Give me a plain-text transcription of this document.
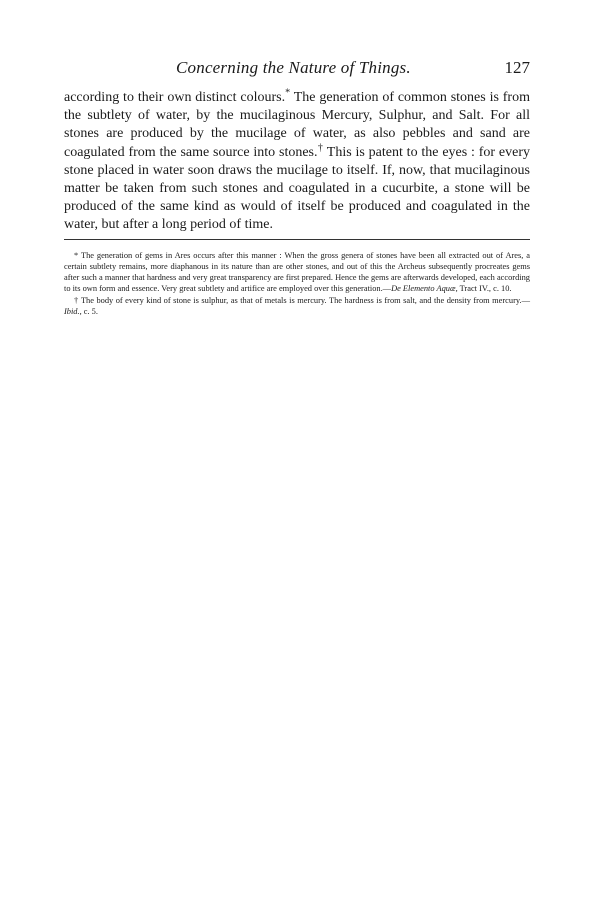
Concerning the Nature of Things.	127

according to their own distinct colours.* The generation of common stones is from the subtlety of water, by the mucilaginous Mercury, Sulphur, and Salt. For all stones are produced by the mucilage of water, as also pebbles and sand are coagulated from the same source into stones.† This is patent to the eyes : for every stone placed in water soon draws the mucilage to itself. If, now, that mucilaginous matter be taken from such stones and coagulated in a cucurbite, a stone will be produced of the same kind as would of itself be produced and coagulated in the water, but after a long period of time.

* The generation of gems in Ares occurs after this manner : When the gross genera of stones have been all extracted out of Ares, a certain subtlety remains, more diaphanous in its nature than are other stones, and out of this the Archeus subsequently procreates gems after such a manner that hardness and very great transparency are first prepared. Hence the gems are afterwards developed, each according to its own form and essence. Very great subtlety and artifice are employed over this generation.—De Elemento Aquæ, Tract IV., c. 10.

† The body of every kind of stone is sulphur, as that of metals is mercury. The hardness is from salt, and the density from mercury.—Ibid., c. 5.
